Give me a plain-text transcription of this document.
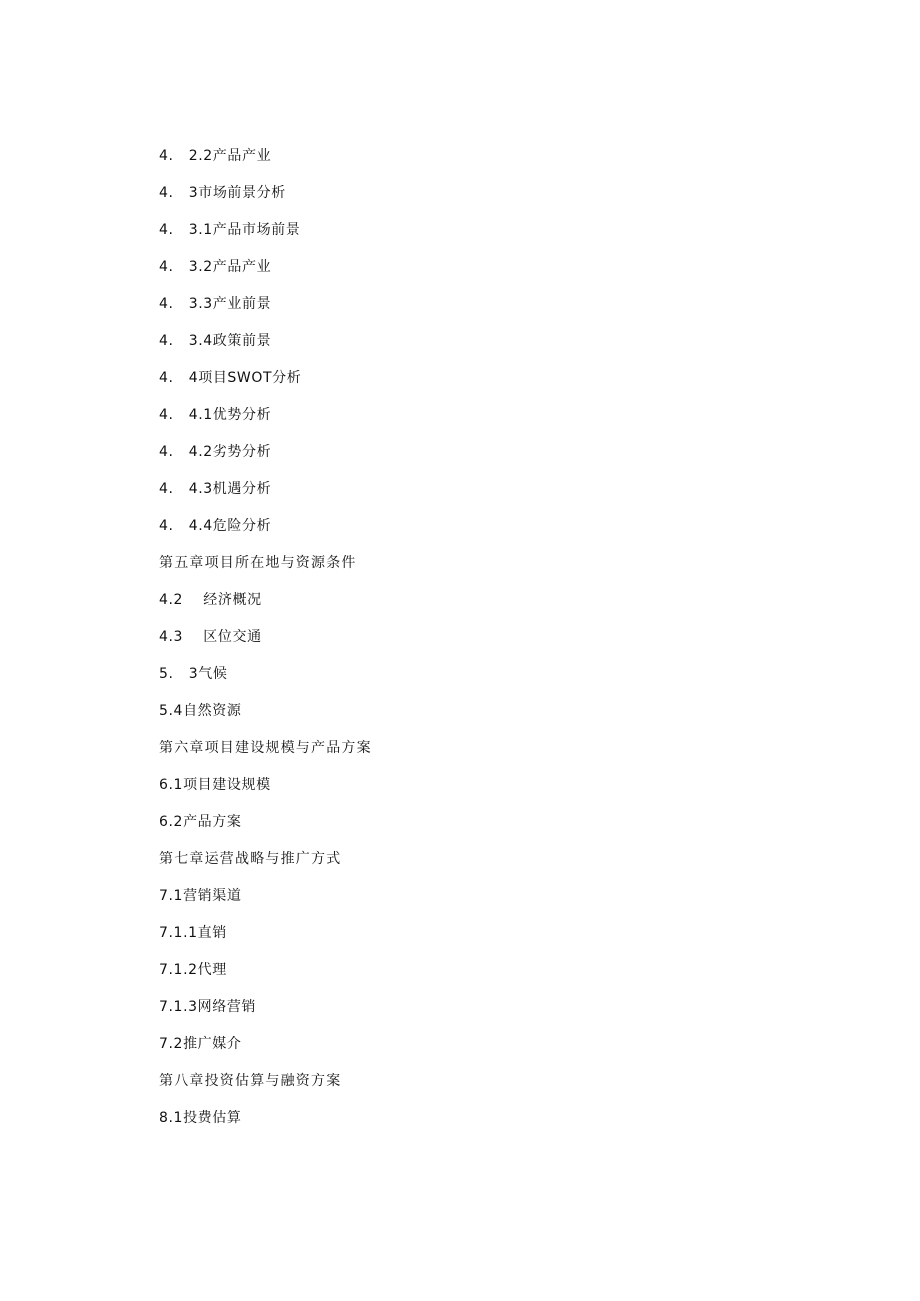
4.   2.2产品产业
4.   3市场前景分析
4.   3.1产品市场前景
4.   3.2产品产业
4.   3.3产业前景
4.   3.4政策前景
4.   4项目SWOT分析
4.   4.1优势分析
4.   4.2劣势分析
4.   4.3机遇分析
4.   4.4危险分析
第五章项目所在地与资源条件
4.2    经济概况
4.3    区位交通
5.   3气候
5.4自然资源
第六章项目建设规模与产品方案
6.1项目建设规模
6.2产品方案
第七章运营战略与推广方式
7.1营销渠道
7.1.1直销
7.1.2代理
7.1.3网络营销
7.2推广媒介
第八章投资估算与融资方案
8.1投费估算
